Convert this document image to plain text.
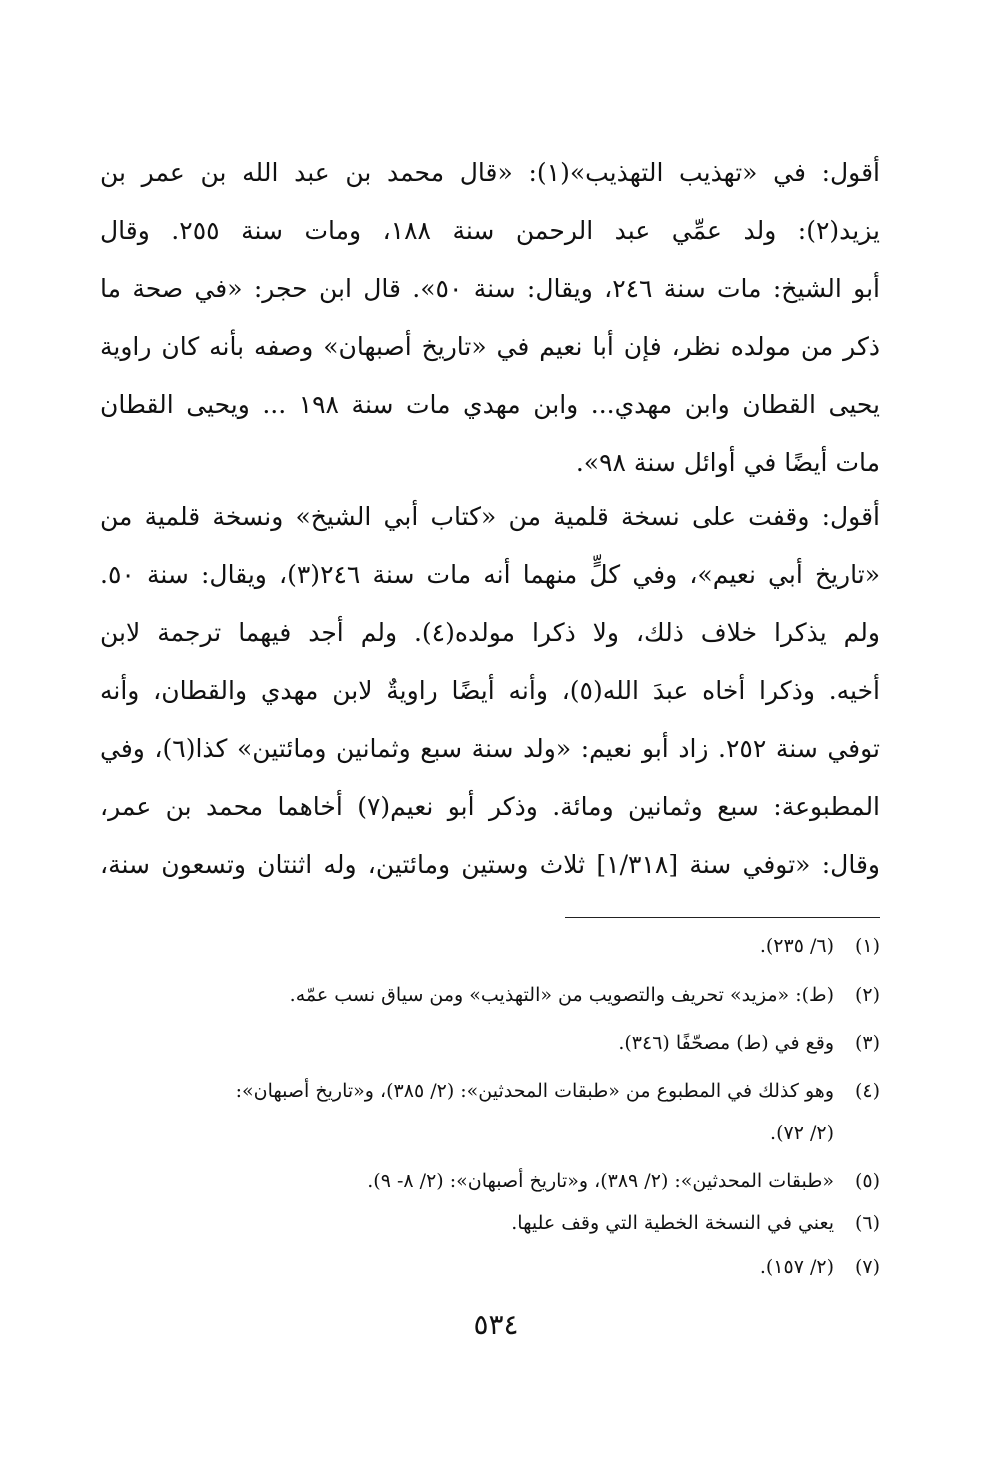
أقول: في «تهذيب التهذيب»(١): «قال محمد بن عبد الله بن عمر بن
يزيد(٢): ولد عمِّي عبد الرحمن سنة ١٨٨، ومات سنة ٢٥٥. وقال
أبو الشيخ: مات سنة ٢٤٦، ويقال: سنة ٥٠». قال ابن حجر: «في صحة ما
ذكر من مولده نظر، فإن أبا نعيم في «تاريخ أصبهان» وصفه بأنه كان راوية
يحيى القطان وابن مهدي... وابن مهدي مات سنة ١٩٨ ... ويحيى القطان
مات أيضًا في أوائل سنة ٩٨».
أقول: وقفت على نسخة قلمية من «كتاب أبي الشيخ» ونسخة قلمية من
«تاريخ أبي نعيم»، وفي كلٍّ منهما أنه مات سنة ٢٤٦(٣)، ويقال: سنة ٥٠.
ولم يذكرا خلاف ذلك، ولا ذكرا مولده(٤). ولم أجد فيهما ترجمة لابن
أخيه. وذكرا أخاه عبدَ الله(٥)، وأنه أيضًا راويةٌ لابن مهدي والقطان، وأنه
توفي سنة ٢٥٢. زاد أبو نعيم: «ولد سنة سبع وثمانين ومائتين» كذا(٦)، وفي
المطبوعة: سبع وثمانين ومائة. وذكر أبو نعيم(٧) أخاهما محمد بن عمر،
وقال: «توفي سنة [١/٣١٨] ثلاث وستين ومائتين، وله اثنتان وتسعون سنة،
(١)(٦/ ٢٣٥).
(٢)(ط): «مزيد» تحريف والتصويب من «التهذيب» ومن سياق نسب عمّه.
(٣)وقع في (ط) مصحّفًا (٣٤٦).
(٤)وهو كذلك في المطبوع من «طبقات المحدثين»: (٢/ ٣٨٥)، و«تاريخ أصبهان»:
(٢/ ٧٢).
(٥)«طبقات المحدثين»: (٢/ ٣٨٩)، و«تاريخ أصبهان»: (٢/ ٨- ٩).
(٦)يعني في النسخة الخطية التي وقف عليها.
(٧)(٢/ ١٥٧).
٥٣٤
